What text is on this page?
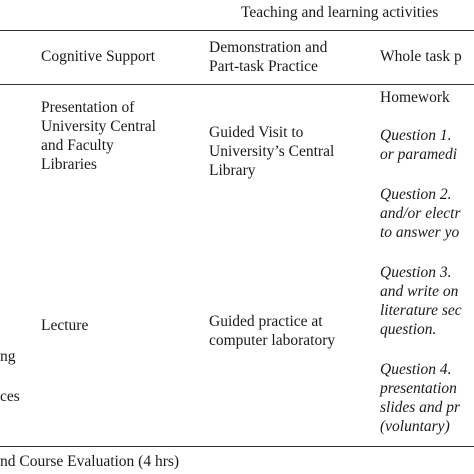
Teaching and learning activities
Cognitive Support
Demonstration and
Part-task Practice
Whole task p
Presentation of
University Central
and Faculty
Libraries
Guided Visit to
University’s Central
Library
ng
ces
Lecture	Guided practice at
computer laboratory
Homework
Question 1.
or paramedi
Question 2.
and/or electr
to answer yo
Question 3.
and write on
literature sec
question.
Question 4.
presentation
slides and pr
(voluntary)
nd Course Evaluation (4 hrs)
